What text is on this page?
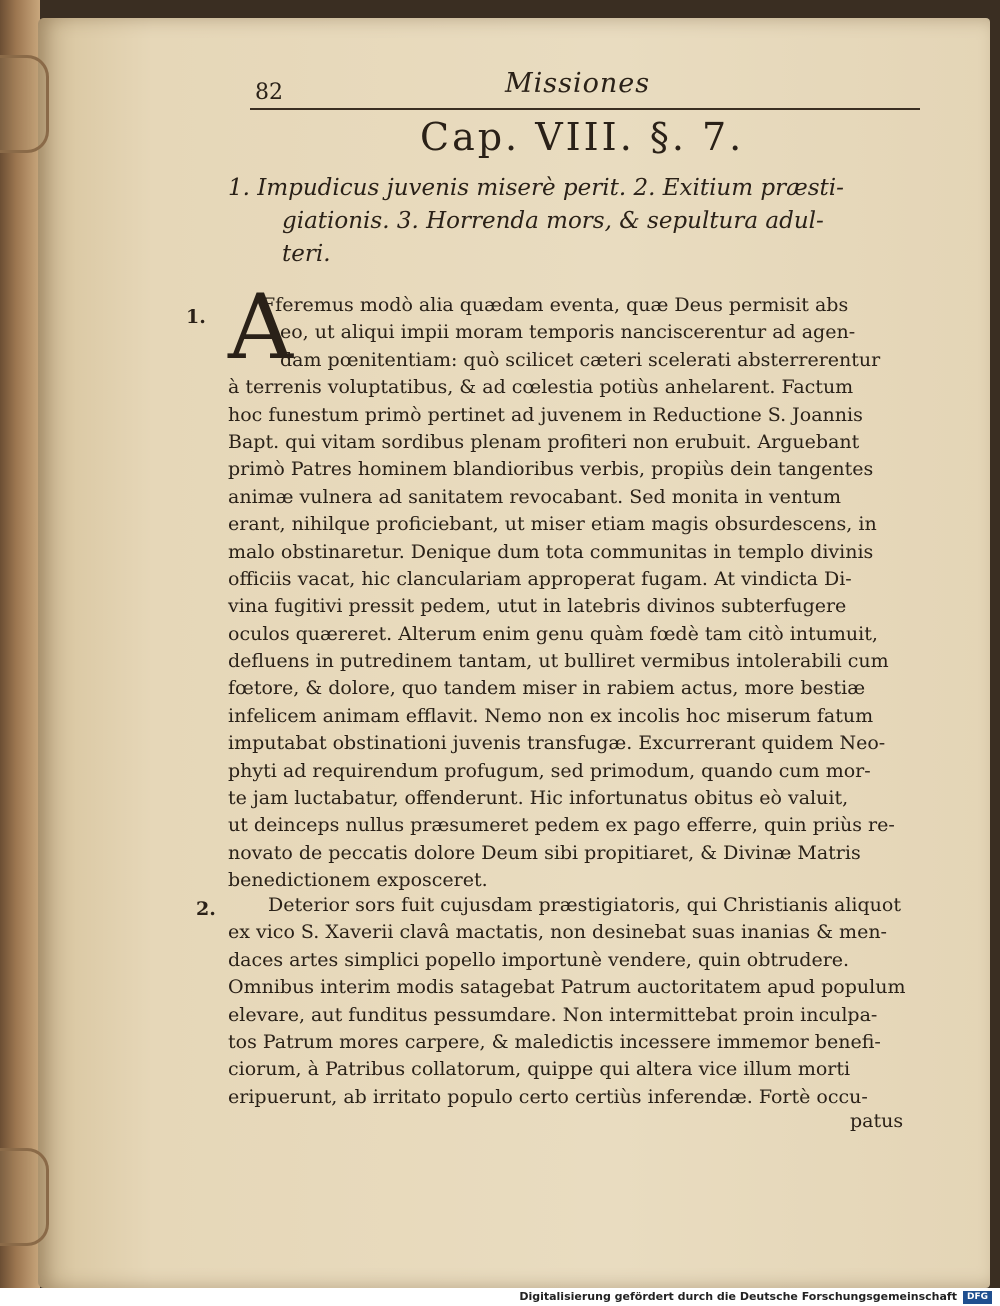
82	Missiones
Cap. VIII. §. 7.
1. Impudicus juvenis miserè perit. 2. Exitium præsti-
giationis. 3. Horrenda mors, & sepultura adul-
teri.
1. A
Fferemus modò alia quædam eventa, quæ Deus permisit abs
eo, ut aliqui impii moram temporis nanciscerentur ad agen-
dam pœnitentiam: quò scilicet cæteri scelerati absterrerentur
à terrenis voluptatibus, & ad cœlestia potiùs anhelarent. Factum
hoc funestum primò pertinet ad juvenem in Reductione S. Joannis
Bapt. qui vitam sordibus plenam profiteri non erubuit. Arguebant
primò Patres hominem blandioribus verbis, propiùs dein tangentes
animæ vulnera ad sanitatem revocabant. Sed monita in ventum
erant, nihilque proficiebant, ut miser etiam magis obsurdescens, in
malo obstinaretur. Denique dum tota communitas in templo divinis
officiis vacat, hic clanculariam approperat fugam. At vindicta Di-
vina fugitivi pressit pedem, utut in latebris divinos subterfugere
oculos quæreret. Alterum enim genu quàm fœdè tam citò intumuit,
defluens in putredinem tantam, ut bulliret vermibus intolerabili cum
fœtore, & dolore, quo tandem miser in rabiem actus, more bestiæ
infelicem animam efflavit. Nemo non ex incolis hoc miserum fatum
imputabat obstinationi juvenis transfugæ. Excurrerant quidem Neo-
phyti ad requirendum profugum, sed primodum, quando cum mor-
te jam luctabatur, offenderunt. Hic infortunatus obitus eò valuit,
ut deinceps nullus præsumeret pedem ex pago efferre, quin priùs re-
novato de peccatis dolore Deum sibi propitiaret, & Divinæ Matris
benedictionem exposceret.
2.	Deterior sors fuit cujusdam præstigiatoris, qui Christianis aliquot
ex vico S. Xaverii clavâ mactatis, non desinebat suas inanias & men-
daces artes simplici popello importunè vendere, quin obtrudere.
Omnibus interim modis satagebat Patrum auctoritatem apud populum
elevare, aut funditus pessumdare. Non intermittebat proin inculpa-
tos Patrum mores carpere, & maledictis incessere immemor benefi-
ciorum, à Patribus collatorum, quippe qui altera vice illum morti
eripuerunt, ab irritato populo certo certiùs inferendæ. Fortè occu-
patus
Digitalisierung gefördert durch die Deutsche Forschungsgemeinschaft DFG
